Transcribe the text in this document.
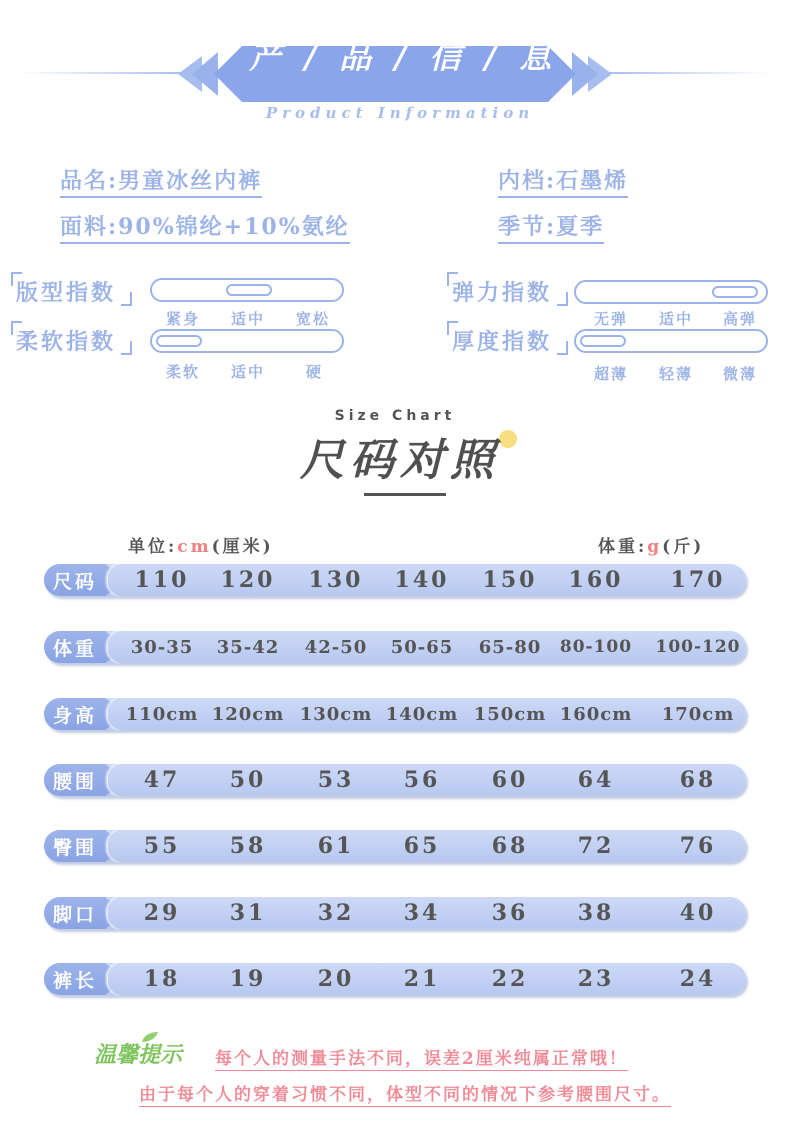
· 产 / 品 / 信 / 息 ·	Product Information
品名:男童冰丝内裤	内档:石墨烯
面料:90%锦纶+10%氨纶	季节:夏季
版型指数
紧身 适中 宽松
柔软指数
柔软 适中	硬
弹力指数
无弹 适中 高弹
厚度指数
超薄 轻薄 微薄
Size Chart
尺码对照
单位:cm(厘米)	体重:g(斤)
尺码	110	120	130	140	150	160	170
体重	30-35	35-42	42-50	50-65	65-80	80-100	100-120
身高	110cm 120cm 130cm 140cm 150cm 160cm	170cm
腰围	47	50	53	56	60	64	68
臀围	55	58	61	65	68	72	76
脚口	29	31	32	34	36	38	40
裤长	18	19	20	21	22	23	24
温馨提示 每个人的测量手法不同，误差2厘米纯属正常哦！
由于每个人的穿着习惯不同，体型不同的情况下参考腰围尺寸。
